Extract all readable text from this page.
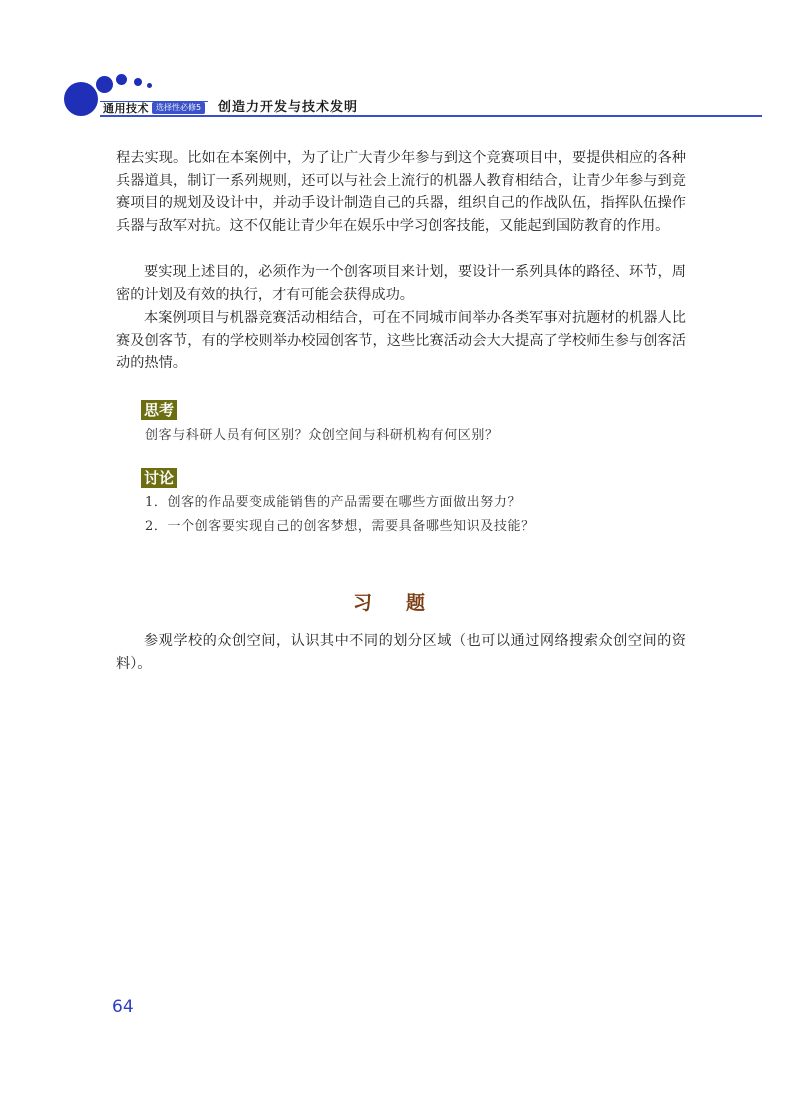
通用技术 选择性必修5	创造力开发与技术发明

程去实现。比如在本案例中，为了让广大青少年参与到这个竞赛项目中，要提供相应的各种兵器道具，制订一系列规则，还可以与社会上流行的机器人教育相结合，让青少年参与到竞赛项目的规划及设计中，并动手设计制造自己的兵器，组织自己的作战队伍，指挥队伍操作兵器与敌军对抗。这不仅能让青少年在娱乐中学习创客技能，又能起到国防教育的作用。

要实现上述目的，必须作为一个创客项目来计划，要设计一系列具体的路径、环节，周密的计划及有效的执行，才有可能会获得成功。

本案例项目与机器竞赛活动相结合，可在不同城市间举办各类军事对抗题材的机器人比赛及创客节，有的学校则举办校园创客节，这些比赛活动会大大提高了学校师生参与创客活动的热情。

思考

创客与科研人员有何区别？众创空间与科研机构有何区别？

讨论

1．创客的作品要变成能销售的产品需要在哪些方面做出努力？

2．一个创客要实现自己的创客梦想，需要具备哪些知识及技能？

习题

参观学校的众创空间，认识其中不同的划分区域（也可以通过网络搜索众创空间的资料）。

64
